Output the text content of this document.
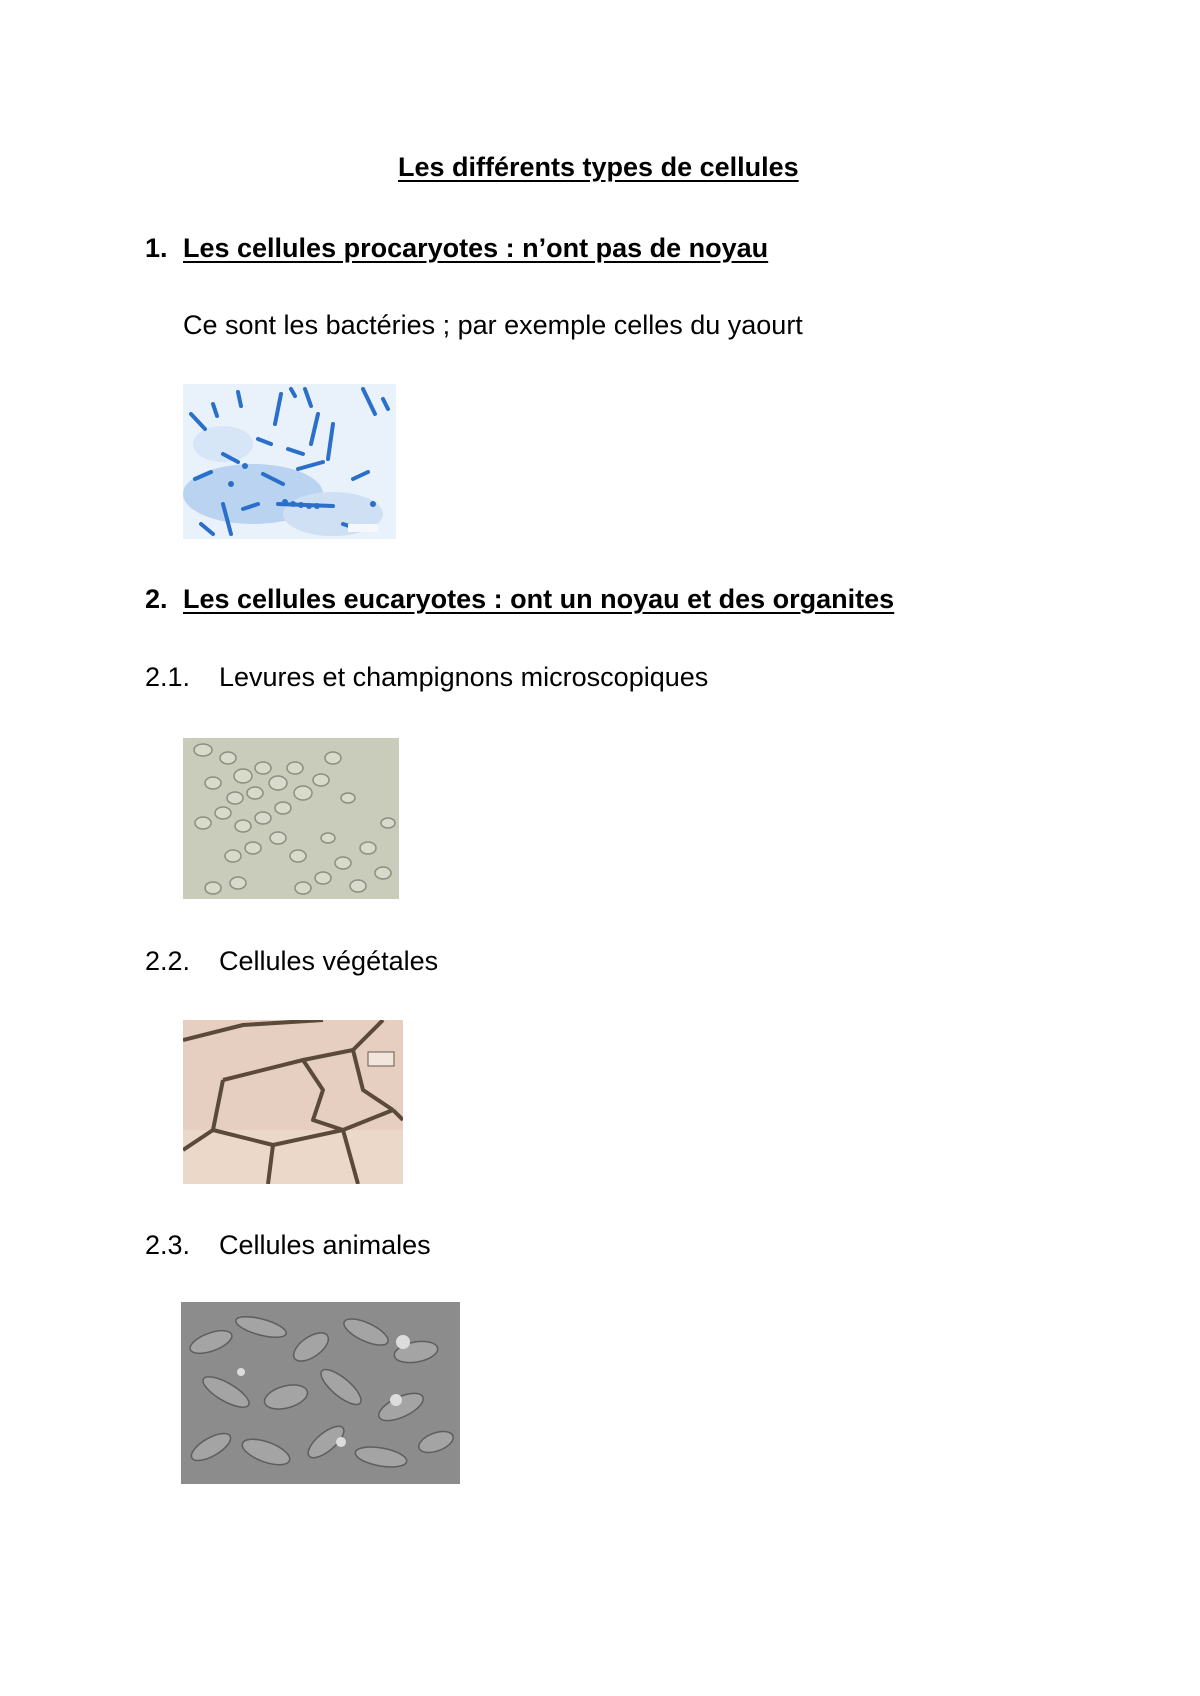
Les différents types de cellules
1. Les cellules procaryotes : n’ont pas de noyau
Ce sont les bactéries ; par exemple celles du yaourt
2. Les cellules eucaryotes : ont un noyau et des organites
2.1. Levures et champignons microscopiques
2.2. Cellules végétales
2.3. Cellules animales
